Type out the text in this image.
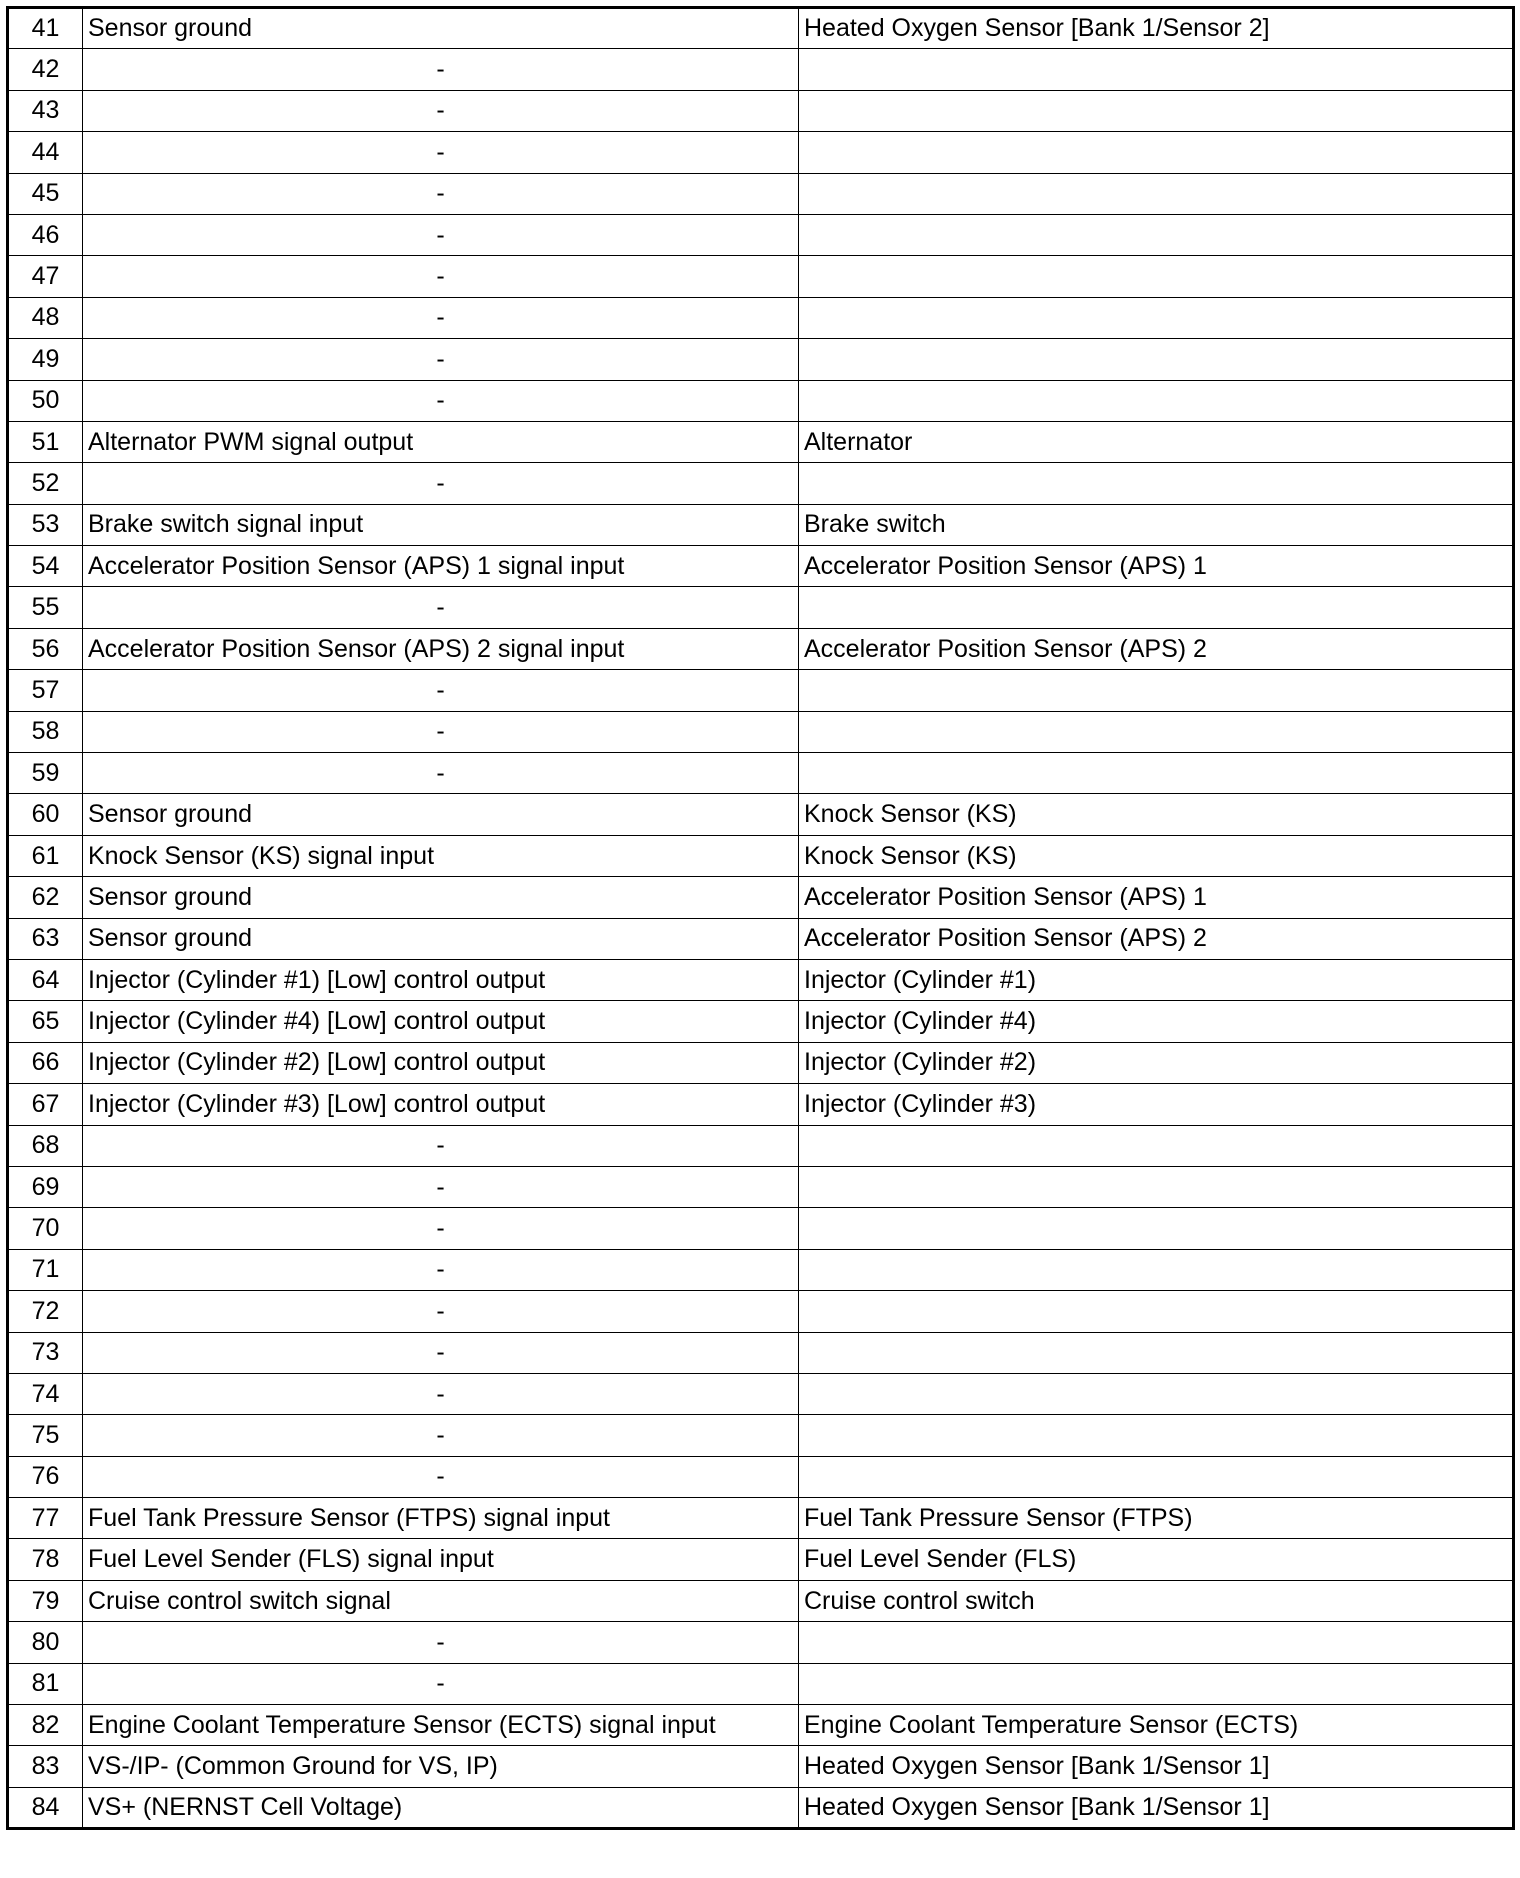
41	Sensor ground	Heated Oxygen Sensor [Bank 1/Sensor 2]
42	-	
43	-	
44	-	
45	-	
46	-	
47	-	
48	-	
49	-	
50	-	
51	Alternator PWM signal output	Alternator
52	-	
53	Brake switch signal input	Brake switch
54	Accelerator Position Sensor (APS) 1 signal input	Accelerator Position Sensor (APS) 1
55	-	
56	Accelerator Position Sensor (APS) 2 signal input	Accelerator Position Sensor (APS) 2
57	-	
58	-	
59	-	
60	Sensor ground	Knock Sensor (KS)
61	Knock Sensor (KS) signal input	Knock Sensor (KS)
62	Sensor ground	Accelerator Position Sensor (APS) 1
63	Sensor ground	Accelerator Position Sensor (APS) 2
64	Injector (Cylinder #1) [Low] control output	Injector (Cylinder #1)
65	Injector (Cylinder #4) [Low] control output	Injector (Cylinder #4)
66	Injector (Cylinder #2) [Low] control output	Injector (Cylinder #2)
67	Injector (Cylinder #3) [Low] control output	Injector (Cylinder #3)
68	-	
69	-	
70	-	
71	-	
72	-	
73	-	
74	-	
75	-	
76	-	
77	Fuel Tank Pressure Sensor (FTPS) signal input	Fuel Tank Pressure Sensor (FTPS)
78	Fuel Level Sender (FLS) signal input	Fuel Level Sender (FLS)
79	Cruise control switch signal	Cruise control switch
80	-	
81	-	
82	Engine Coolant Temperature Sensor (ECTS) signal input	Engine Coolant Temperature Sensor (ECTS)
83	VS-/IP- (Common Ground for VS, IP)	Heated Oxygen Sensor [Bank 1/Sensor 1]
84	VS+ (NERNST Cell Voltage)	Heated Oxygen Sensor [Bank 1/Sensor 1]
